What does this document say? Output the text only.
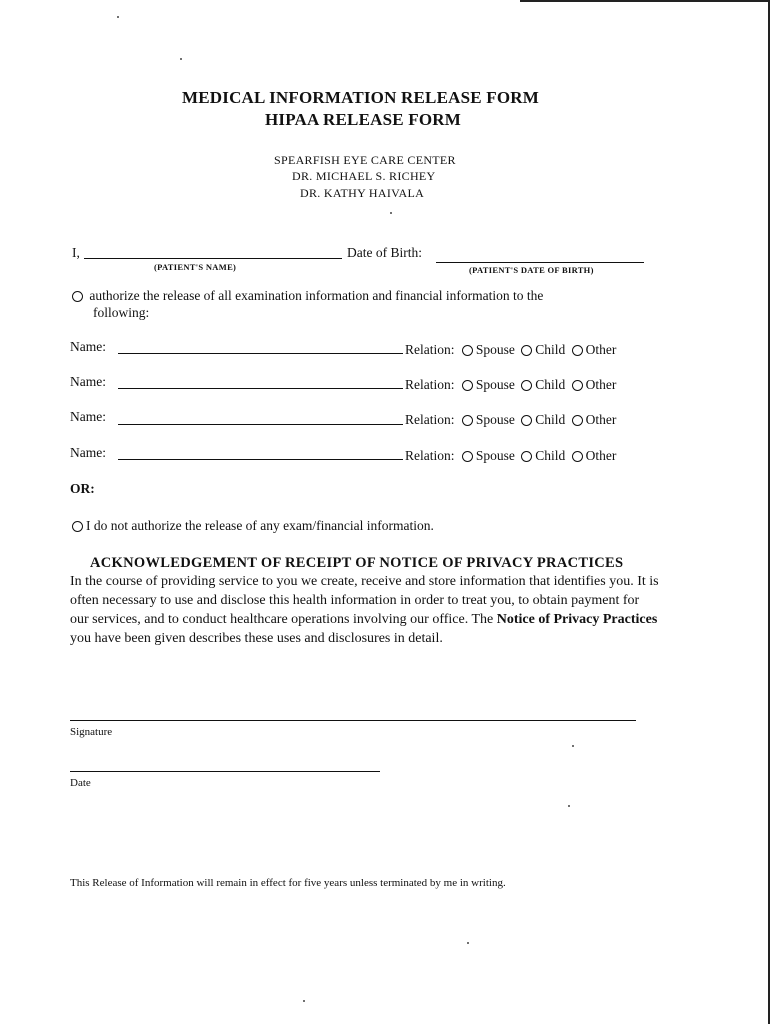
MEDICAL INFORMATION RELEASE FORM
HIPAA RELEASE FORM
SPEARFISH EYE CARE CENTER
DR. MICHAEL S. RICHEY
DR. KATHY HAIVALA
I,	Date of Birth:
(PATIENT'S NAME)	(PATIENT'S DATE OF BIRTH)
authorize the release of all examination information and financial information to the
following:
Name:	Relation: Spouse Child Other
Name:	Relation: Spouse Child Other
Name:	Relation: Spouse Child Other
Name:	Relation: Spouse Child Other
OR:
I do not authorize the release of any exam/financial information.
ACKNOWLEDGEMENT OF RECEIPT OF NOTICE OF PRIVACY PRACTICES
In the course of providing service to you we create, receive and store information that identifies you. It is often necessary to use and disclose this health information in order to treat you, to obtain payment for our services, and to conduct healthcare operations involving our office. The Notice of Privacy Practices you have been given describes these uses and disclosures in detail.
Signature
Date
This Release of Information will remain in effect for five years unless terminated by me in writing.
